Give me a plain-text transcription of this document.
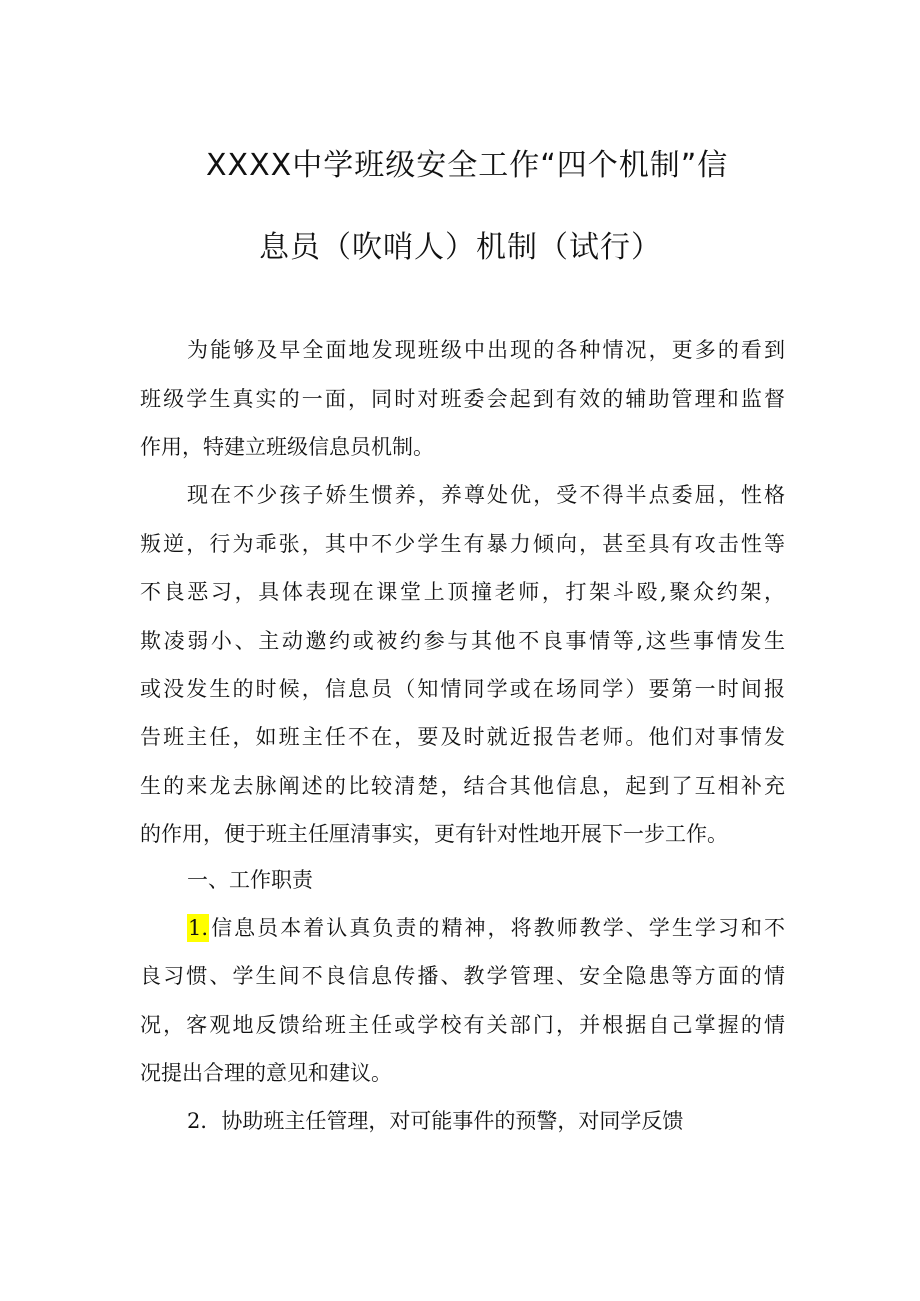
XXXX中学班级安全工作“四个机制”信
息员（吹哨人）机制（试行）
为能够及早全面地发现班级中出现的各种情况，更多的看到
班级学生真实的一面，同时对班委会起到有效的辅助管理和监督
作用，特建立班级信息员机制。
现在不少孩子娇生惯养，养尊处优，受不得半点委屈，性格
叛逆，行为乖张，其中不少学生有暴力倾向，甚至具有攻击性等
不良恶习，具体表现在课堂上顶撞老师，打架斗殴,聚众约架，
欺凌弱小、主动邀约或被约参与其他不良事情等,这些事情发生
或没发生的时候，信息员（知情同学或在场同学）要第一时间报
告班主任，如班主任不在，要及时就近报告老师。他们对事情发
生的来龙去脉阐述的比较清楚，结合其他信息，起到了互相补充
的作用，便于班主任厘清事实，更有针对性地开展下一步工作。
一、工作职责
1.信息员本着认真负责的精神，将教师教学、学生学习和不
良习惯、学生间不良信息传播、教学管理、安全隐患等方面的情
况，客观地反馈给班主任或学校有关部门，并根据自己掌握的情
况提出合理的意见和建议。
2．协助班主任管理，对可能事件的预警，对同学反馈
